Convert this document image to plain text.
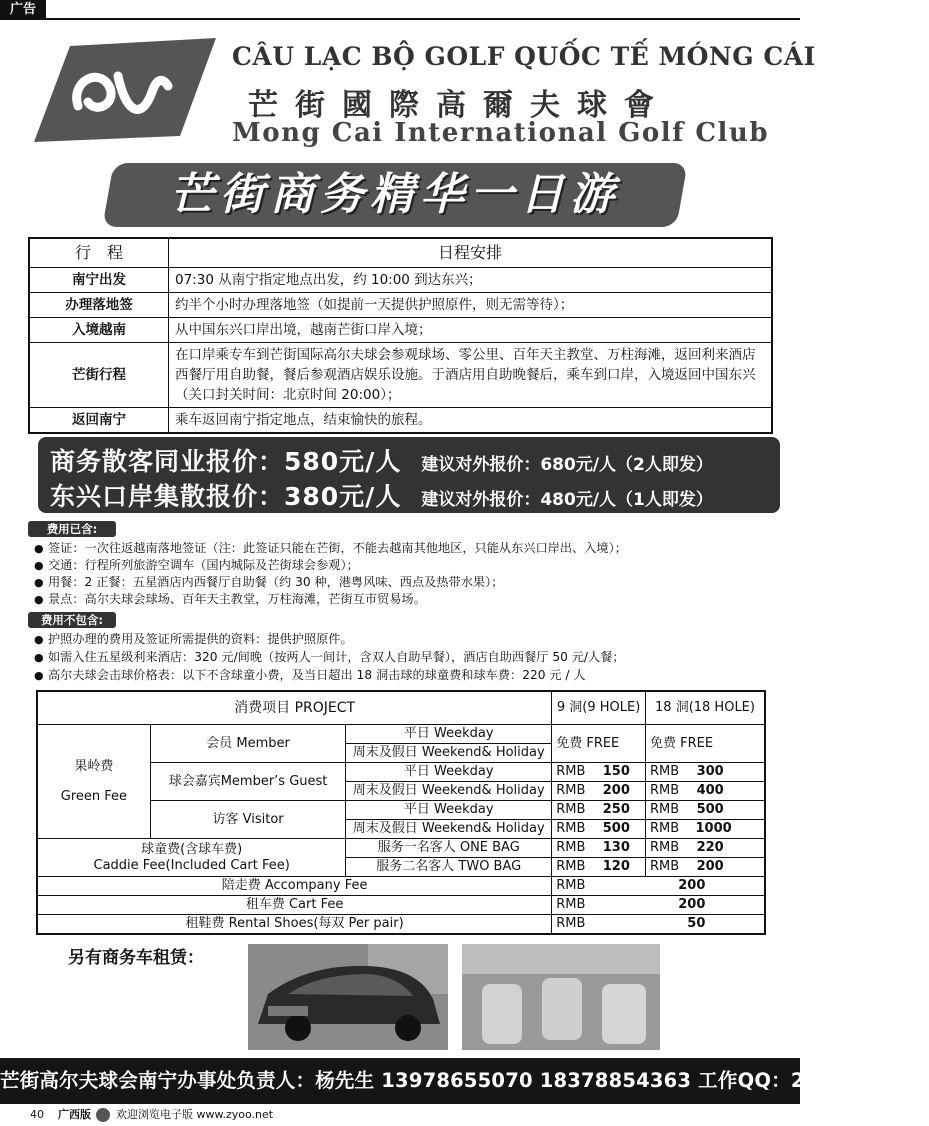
广告
CÂU LẠC BỘ GOLF QUỐC TẾ MÓNG CÁI
芒街國際高爾夫球會
Mong Cai International Golf Club
芒街商务精华一日游
行　程	日程安排
南宁出发	07:30 从南宁指定地点出发，约 10:00 到达东兴；
办理落地签	约半个小时办理落地签（如提前一天提供护照原件，则无需等待）；
入境越南	从中国东兴口岸出境，越南芒街口岸入境；
芒街行程	在口岸乘专车到芒街国际高尔夫球会参观球场、零公里、百年天主教堂、万柱海滩，返回利来酒店西餐厅用自助餐，餐后参观酒店娱乐设施。于酒店用自助晚餐后，乘车到口岸，入境返回中国东兴（关口封关时间：北京时间 20:00）；
返回南宁	乘车返回南宁指定地点，结束愉快的旅程。
商务散客同业报价：580元/人 建议对外报价：680元/人（2人即发）
东兴口岸集散报价：380元/人 建议对外报价：480元/人（1人即发）
费用已含:
● 签证：一次往返越南落地签证（注：此签证只能在芒街，不能去越南其他地区，只能从东兴口岸出、入境）；
● 交通：行程所列旅游空调车（国内城际及芒街球会参观）；
● 用餐：2 正餐：五星酒店内西餐厅自助餐（约 30 种，港粤风味、西点及热带水果）；
● 景点：高尔夫球会球场、百年天主教堂，万柱海滩，芒街互市贸易场。
费用不包含:
● 护照办理的费用及签证所需提供的资料：提供护照原件。
● 如需入住五星级利来酒店：320 元/间晚（按两人一间计，含双人自助早餐），酒店自助西餐厅 50 元/人餐；
● 高尔夫球会击球价格表：以下不含球童小费，及当日超出 18 洞击球的球童费和球车费：220 元 / 人
消费项目 PROJECT			9 洞(9 HOLE)	18 洞(18 HOLE)

果岭费
Green Fee	会员 Member	平日 Weekday	免费 FREE	免费 FREE
		周末及假日 Weekend& Holiday		
	球会嘉宾Member’s Guest	平日 Weekday	RMB 150	RMB 300
		周末及假日 Weekend& Holiday	RMB 200	RMB 400
	访客 Visitor	平日 Weekday	RMB 250	RMB 500
		周末及假日 Weekend& Holiday	RMB 500	RMB 1000

球童费(含球车费)
Caddie Fee(Included Cart Fee)		服务一名客人 ONE BAG	RMB 130	RMB 220
		服务二名客人 TWO BAG	RMB 120	RMB 200
陪走费 Accompany Fee			RMB 200	
租车费 Cart Fee			RMB 200	
租鞋费 Rental Shoes(每双 Per pair)			RMB 50	
另有商务车租赁：
芒街高尔夫球会南宁办事处负责人：杨先生 13978655070 18378854363 工作QQ：2806011547
40 广西版 欢迎浏览电子版 www.zyoo.net
